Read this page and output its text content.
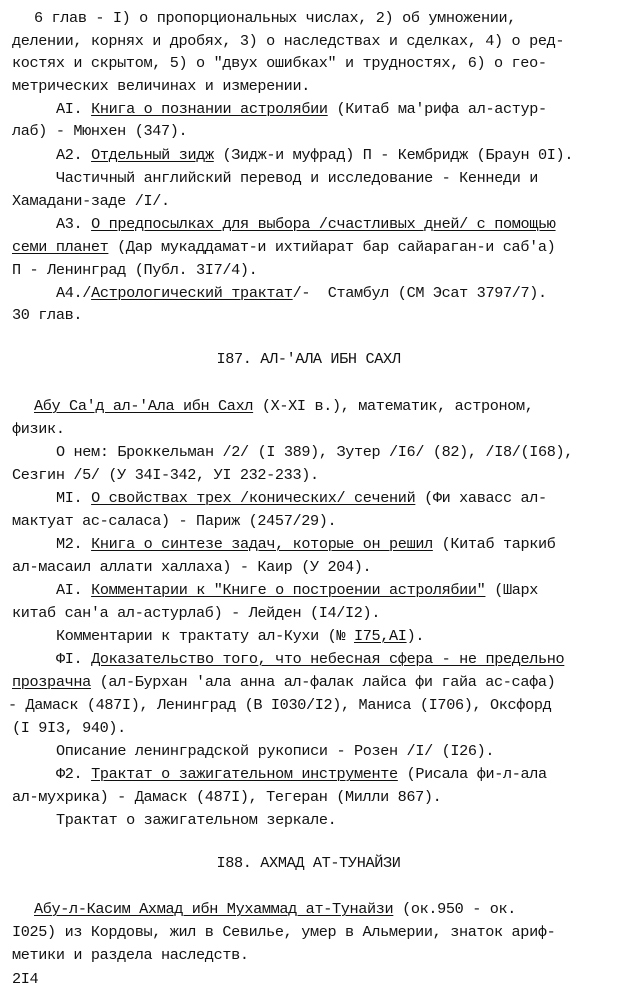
6 глав - I) о пропорциональных числах, 2) об умножении,
делении, корнях и дробях, 3) о наследствах и сделках, 4) о ред-
костях и скрытом, 5) о "двух ошибках" и трудностях, 6) о гео-
метрических величинах и измерении.
AI. Книга о познании астролябии (Китаб ма'рифа ал-астур-
лаб) - Мюнхен (347).
A2. Отдельный зидж (Зидж-и муфрад) П - Кембридж (Браун 0I).
Частичный английский перевод и исследование - Кеннеди и
Хамадани-заде /I/.
A3. О предпосылках для выбора /счастливых дней/ с помощью
семи планет (Дар мукаддамат-и ихтийарат бар сайараган-и саб'а)
П - Ленинград (Публ. 3I7/4).
A4./Астрологический трактат/-  Стамбул (СМ Эсат 3797/7).
30 глав.
I87. АЛ-'АЛА ИБН САХЛ
Абу Са'д ал-'Ала ибн Сахл (X-XI в.), математик, астроном,
физик.
О нем: Броккельман /2/ (I 389), Зутер /I6/ (82), /I8/(I68),
Сезгин /5/ (У 34I-342, УI 232-233).
МI. О свойствах трех /конических/ сечений (Фи хавасс ал-
мактуат ас-саласа) - Париж (2457/29).
М2. Книга о синтезе задач, которые он решил (Китаб таркиб
ал-масаил аллати халлаха) - Каир (У 204).
AI. Комментарии к "Книге о построении астролябии" (Шарх
китаб сан'а ал-астурлаб) - Лейден (I4/I2).
Комментарии к трактату ал-Кухи (№ I75,AI).
ФI. Доказательство того, что небесная сфера - не предельно
прозрачна (ал-Бурхан 'ала анна ал-фалак лайса фи гайа ас-сафа)
- Дамаск (487I), Ленинград (В I030/I2), Маниса (I706), Оксфорд
(I 9I3, 940).
Описание ленинградской рукописи - Розен /I/ (I26).
Ф2. Трактат о зажигательном инструменте (Рисала фи-л-ала
ал-мухрика) - Дамаск (487I), Тегеран (Милли 867).
Трактат о зажигательном зеркале.
I88. АХМАД АТ-ТУНАЙЗИ
Абу-л-Касим Ахмад ибн Мухаммад ат-Тунайзи (ок.950 - ок.
I025) из Кордовы, жил в Севилье, умер в Альмерии, знаток ариф-
метики и раздела наследств.
2I4
